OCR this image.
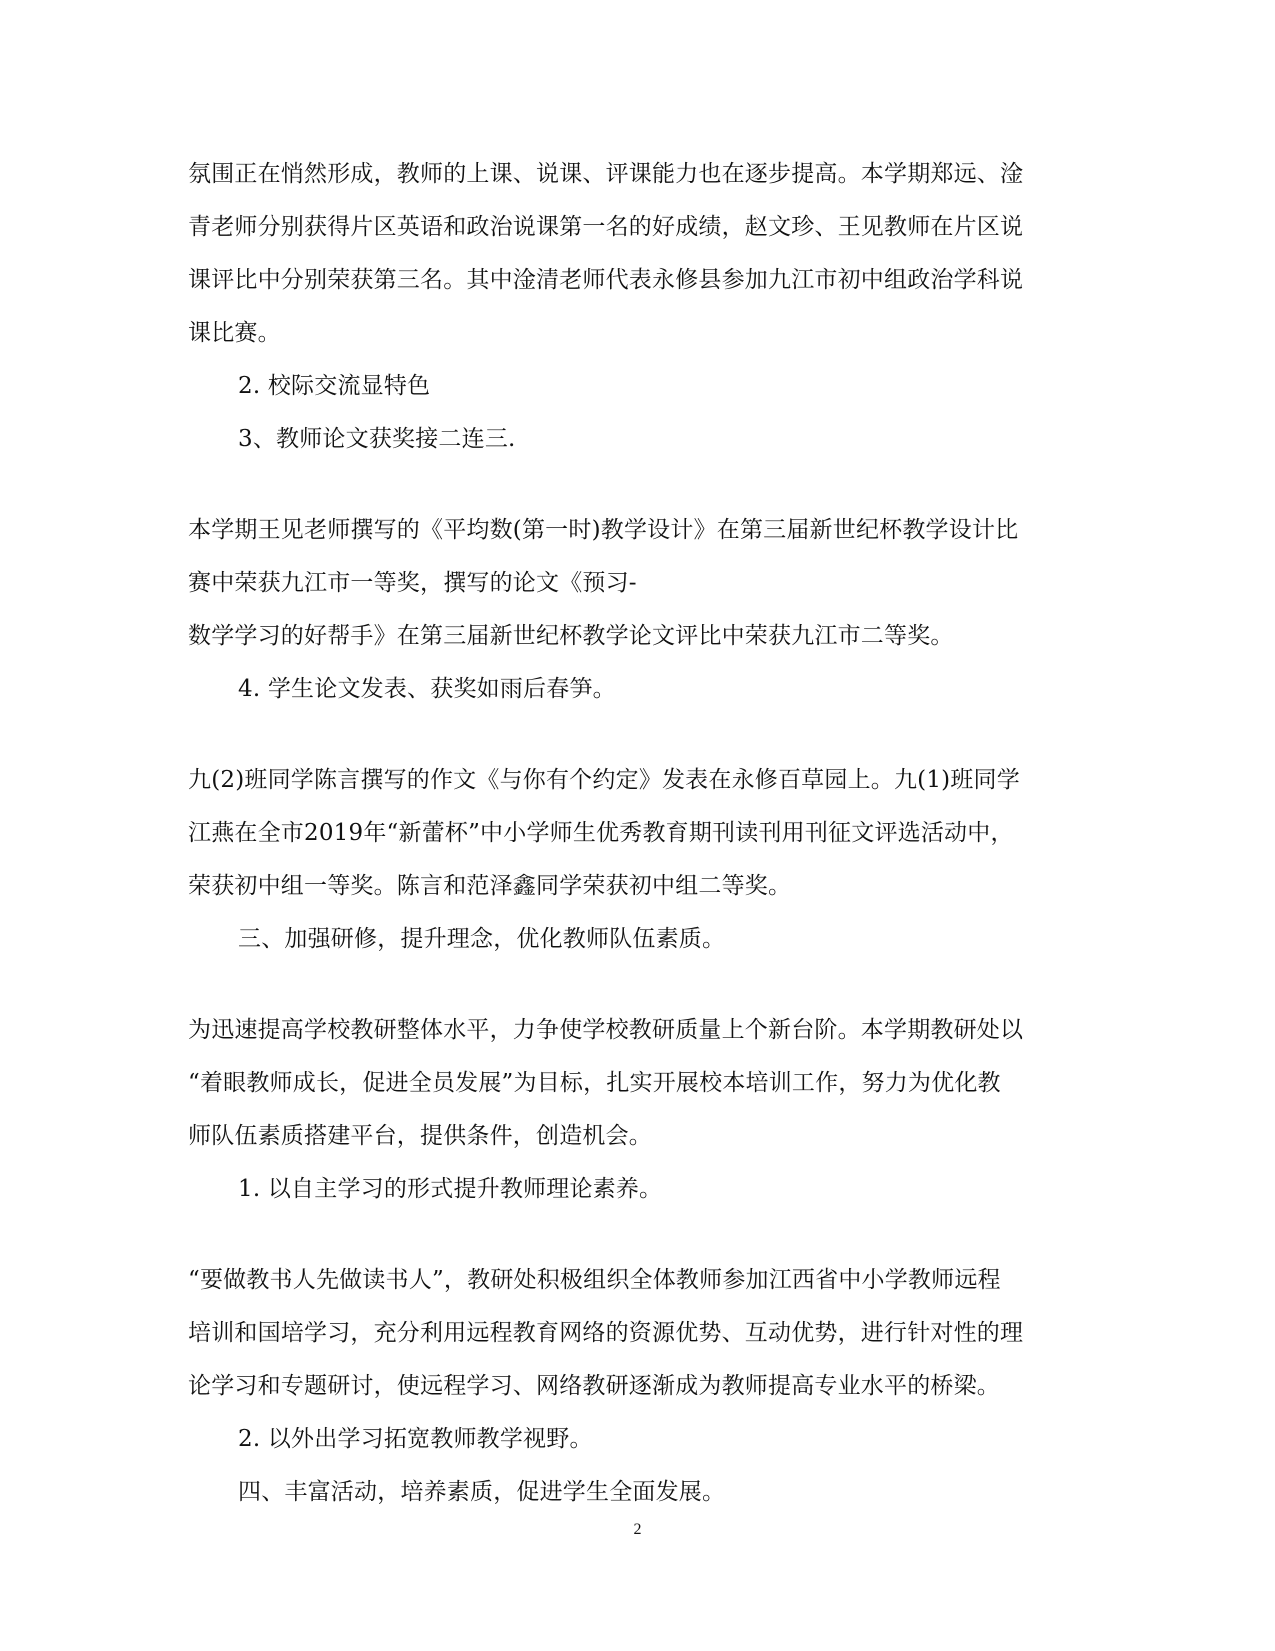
氛围正在悄然形成，教师的上课、说课、评课能力也在逐步提高。本学期郑远、淦
青老师分别获得片区英语和政治说课第一名的好成绩，赵文珍、王见教师在片区说
课评比中分别荣获第三名。其中淦清老师代表永修县参加九江市初中组政治学科说
课比赛。
2. 校际交流显特色
3、教师论文获奖接二连三.
本学期王见老师撰写的《平均数(第一时)教学设计》在第三届新世纪杯教学设计比
赛中荣获九江市一等奖，撰写的论文《预习-
数学学习的好帮手》在第三届新世纪杯教学论文评比中荣获九江市二等奖。
4. 学生论文发表、获奖如雨后春笋。
九(2)班同学陈言撰写的作文《与你有个约定》发表在永修百草园上。九(1)班同学
江燕在全市2019年“新蕾杯”中小学师生优秀教育期刊读刊用刊征文评选活动中，
荣获初中组一等奖。陈言和范泽鑫同学荣获初中组二等奖。
三、加强研修，提升理念，优化教师队伍素质。
为迅速提高学校教研整体水平，力争使学校教研质量上个新台阶。本学期教研处以
“着眼教师成长，促进全员发展”为目标，扎实开展校本培训工作，努力为优化教
师队伍素质搭建平台，提供条件，创造机会。
1. 以自主学习的形式提升教师理论素养。
“要做教书人先做读书人”，教研处积极组织全体教师参加江西省中小学教师远程
培训和国培学习，充分利用远程教育网络的资源优势、互动优势，进行针对性的理
论学习和专题研讨，使远程学习、网络教研逐渐成为教师提高专业水平的桥梁。
2. 以外出学习拓宽教师教学视野。
四、丰富活动，培养素质，促进学生全面发展。
2
